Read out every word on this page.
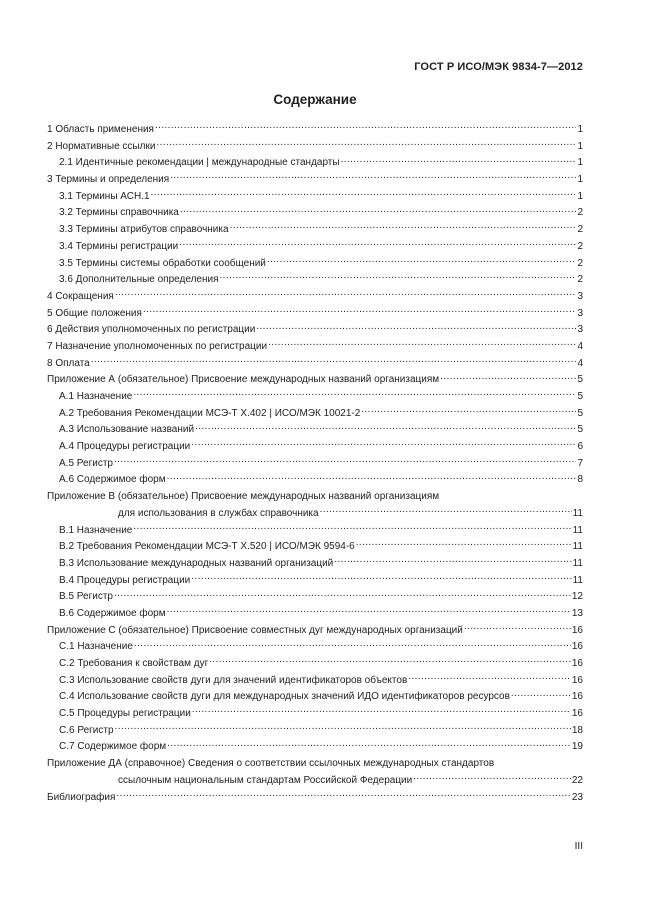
ГОСТ Р ИСО/МЭК 9834-7—2012
Содержание
1 Область применения .....	1
2 Нормативные ссылки .....	1
2.1 Идентичные рекомендации | международные стандарты .....	1
3 Термины и определения .....	1
3.1 Термины АСН.1 .....	1
3.2 Термины справочника .....	2
3.3 Термины атрибутов справочника .....	2
3.4 Термины регистрации .....	2
3.5 Термины системы обработки сообщений .....	2
3.6 Дополнительные определения .....	2
4 Сокращения .....	3
5 Общие положения .....	3
6 Действия уполномоченных по регистрации .....	3
7 Назначение уполномоченных по регистрации .....	4
8 Оплата .....	4
Приложение А (обязательное) Присвоение международных названий организациям .....	5
А.1 Назначение .....	5
А.2 Требования Рекомендации МСЭ-Т Х.402 | ИСО/МЭК 10021-2 .....	5
А.3 Использование названий .....	5
А.4 Процедуры регистрации .....	6
А.5 Регистр .....	7
А.6 Содержимое форм .....	8
Приложение В (обязательное) Присвоение международных названий организациям
для использования в службах справочника .....	11
В.1 Назначение .....	11
В.2 Требования Рекомендации МСЭ-Т Х.520 | ИСО/МЭК 9594-6 .....	11
В.3 Использование международных названий организаций .....	11
В.4 Процедуры регистрации .....	11
В.5 Регистр .....	12
В.6 Содержимое форм .....	13
Приложение С (обязательное) Присвоение совместных дуг международных организаций .....	16
С.1 Назначение .....	16
С.2 Требования к свойствам дуг .....	16
С.3 Использование свойств дуги для значений идентификаторов объектов .....	16
С.4 Использование свойств дуги для международных значений ИДО идентификаторов ресурсов .....	16
С.5 Процедуры регистрации .....	16
С.6 Регистр .....	18
С.7 Содержимое форм .....	19
Приложение ДА (справочное) Сведения о соответствии ссылочных международных стандартов
ссылочным национальным стандартам Российской Федерации .....	22
Библиография .....	23
III
